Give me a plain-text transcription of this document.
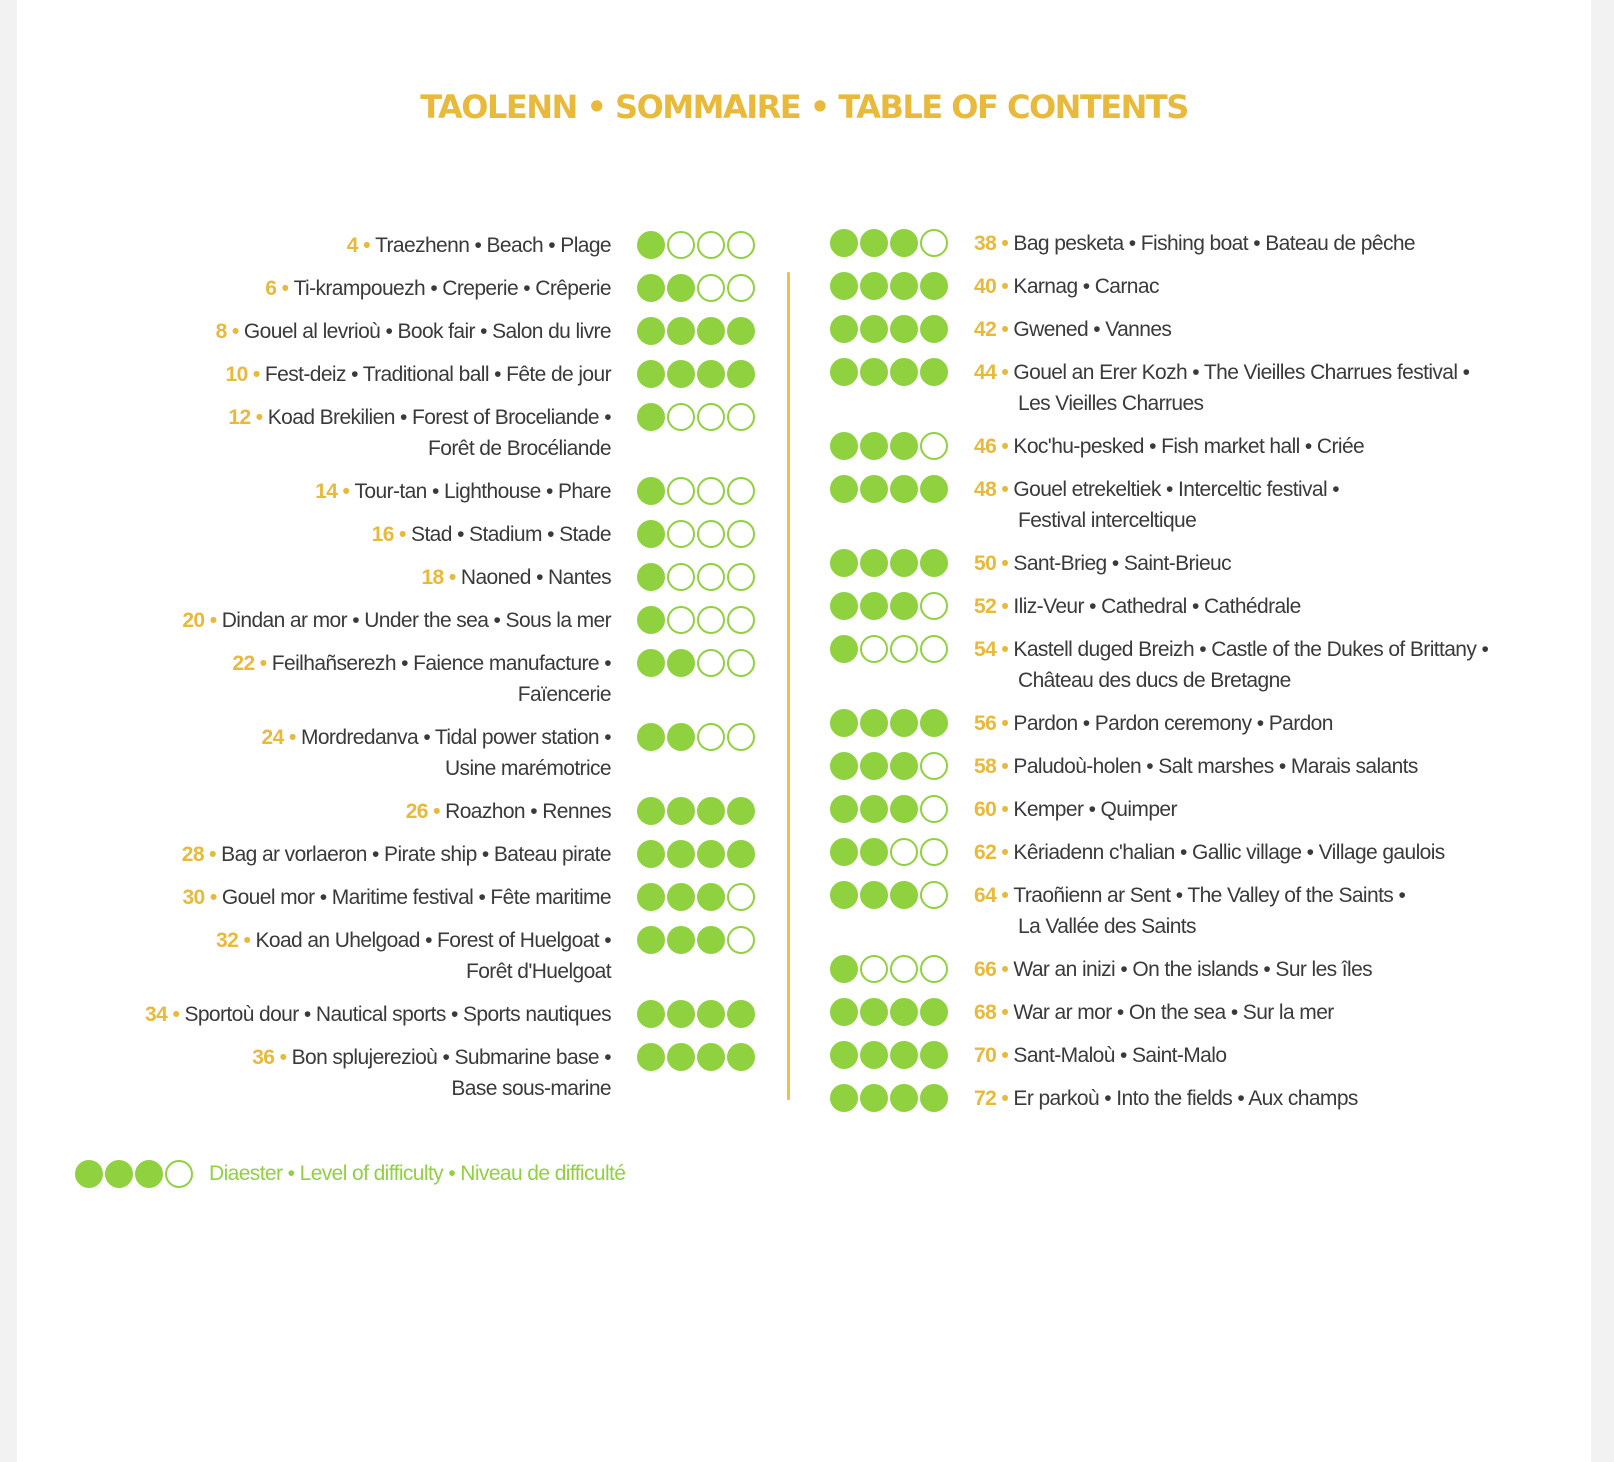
TAOLENN • SOMMAIRE • TABLE OF CONTENTS
4 • Traezhenn • Beach • Plage
6 • Ti-krampouezh • Creperie • Crêperie
8 • Gouel al levrioù • Book fair • Salon du livre
10 • Fest-deiz • Traditional ball • Fête de jour
12 • Koad Brekilien • Forest of Broceliande •
Forêt de Brocéliande
14 • Tour-tan • Lighthouse • Phare
16 • Stad • Stadium • Stade
18 • Naoned • Nantes
20 • Dindan ar mor • Under the sea • Sous la mer
22 • Feilhañserezh • Faience manufacture •
Faïencerie
24 • Mordredanva • Tidal power station •
Usine marémotrice
26 • Roazhon • Rennes
28 • Bag ar vorlaeron • Pirate ship • Bateau pirate
30 • Gouel mor • Maritime festival • Fête maritime
32 • Koad an Uhelgoad • Forest of Huelgoat •
Forêt d'Huelgoat
34 • Sportoù dour • Nautical sports • Sports nautiques
36 • Bon splujerezioù • Submarine base •
Base sous-marine
38 • Bag pesketa • Fishing boat • Bateau de pêche
40 • Karnag • Carnac
42 • Gwened • Vannes
44 • Gouel an Erer Kozh • The Vieilles Charrues festival •
Les Vieilles Charrues
46 • Koc'hu-pesked • Fish market hall • Criée
48 • Gouel etrekeltiek • Interceltic festival •
Festival interceltique
50 • Sant-Brieg • Saint-Brieuc
52 • Iliz-Veur • Cathedral • Cathédrale
54 • Kastell duged Breizh • Castle of the Dukes of Brittany •
Château des ducs de Bretagne
56 • Pardon • Pardon ceremony • Pardon
58 • Paludoù-holen • Salt marshes • Marais salants
60 • Kemper • Quimper
62 • Kêriadenn c'halian • Gallic village • Village gaulois
64 • Traoñienn ar Sent • The Valley of the Saints •
La Vallée des Saints
66 • War an inizi • On the islands • Sur les îles
68 • War ar mor • On the sea • Sur la mer
70 • Sant-Maloù • Saint-Malo
72 • Er parkoù • Into the fields • Aux champs
Diaester • Level of difficulty • Niveau de difficulté
